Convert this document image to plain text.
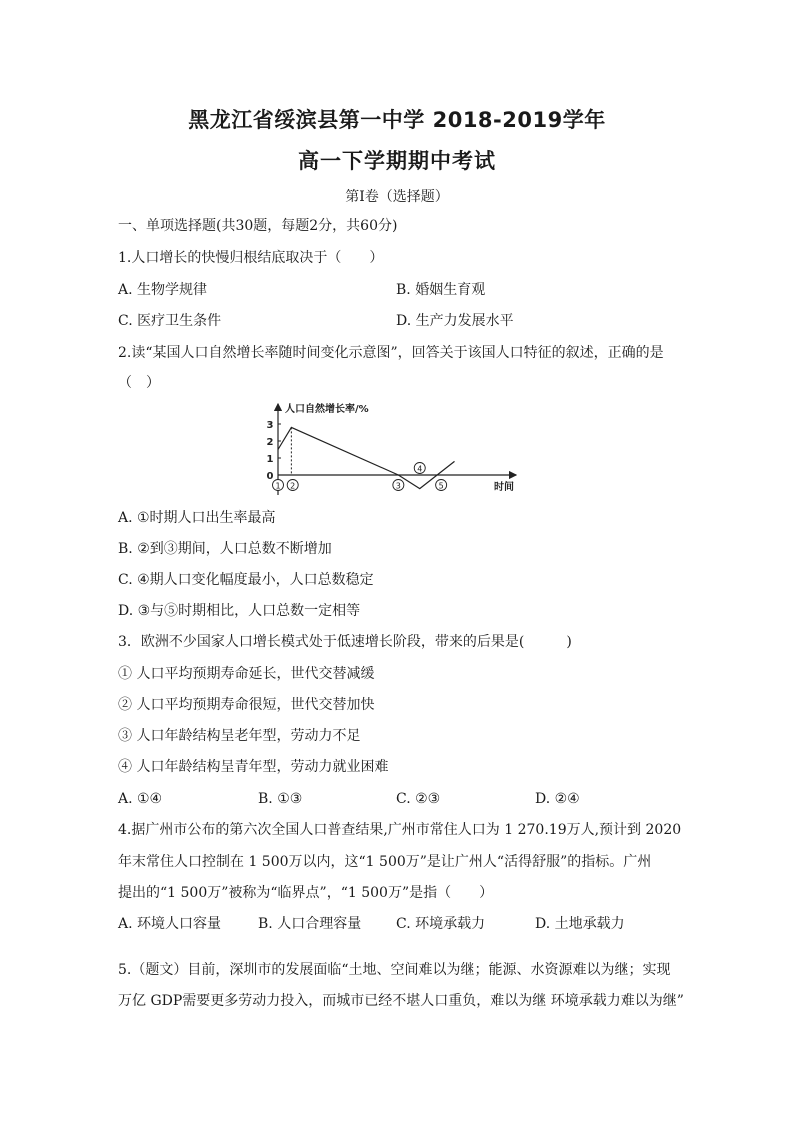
黑龙江省绥滨县第一中学 2018-2019学年
高一下学期期中考试
第Ⅰ卷（选择题）
一、单项选择题(共30题，每题2分，共60分)
1.人口增长的快慢归根结底取决于（　　）
A. 生物学规律	B. 婚姻生育观
C. 医疗卫生条件	D. 生产力发展水平
2.读“某国人口自然增长率随时间变化示意图”，回答关于该国人口特征的叙述，正确的是
（　）
人口自然增长率/%
时间
0
1
2
3
1 2	3
4
5
A. ①时期人口出生率最高
B. ②到③期间，人口总数不断增加
C. ④期人口变化幅度最小，人口总数稳定
D. ③与⑤时期相比，人口总数一定相等
3．欧洲不少国家人口增长模式处于低速增长阶段，带来的后果是(　　　)
① 人口平均预期寿命延长，世代交替减缓
② 人口平均预期寿命很短，世代交替加快
③ 人口年龄结构呈老年型，劳动力不足
④ 人口年龄结构呈青年型，劳动力就业困难
A. ①④	B. ①③	C. ②③	D. ②④
4.据广州市公布的第六次全国人口普查结果,广州市常住人口为 1 270.19万人,预计到 2020
年末常住人口控制在 1 500万以内，这“1 500万”是让广州人“活得舒服”的指标。广州
提出的“1 500万”被称为“临界点”，“1 500万”是指（　　）
A. 环境人口容量	B. 人口合理容量 C. 环境承载力	D. 土地承载力
5.（题文）目前，深圳市的发展面临“土地、空间难以为继；能源、水资源难以为继；实现
万亿 GDP需要更多劳动力投入，而城市已经不堪人口重负，难以为继 环境承载力难以为继”
